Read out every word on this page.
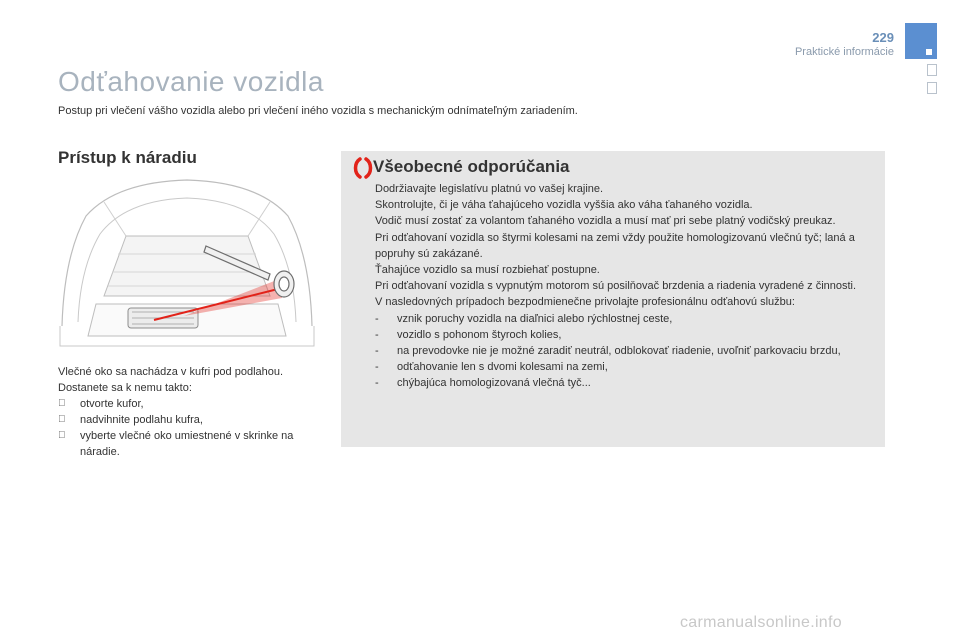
229
Praktické informácie
Odťahovanie vozidla
Postup pri vlečení vášho vozidla alebo pri vlečení iného vozidla s mechanickým odnímateľným zariadením.
Prístup k náradiu
Vlečné oko sa nachádza v kufri pod podlahou.
Dostanete sa k nemu takto:
otvorte kufor,
nadvihnite podlahu kufra,
vyberte vlečné oko umiestnené v skrinke na náradie.
Všeobecné odporúčania

Dodržiavajte legislatívu platnú vo vašej krajine.

Skontrolujte, či je váha ťahajúceho vozidla vyššia ako váha ťahaného vozidla.

Vodič musí zostať za volantom ťahaného vozidla a musí mať pri sebe platný vodičský preukaz.

Pri odťahovaní vozidla so štyrmi kolesami na zemi vždy použite homologizovanú vlečnú tyč; laná a popruhy sú zakázané.

Ťahajúce vozidlo sa musí rozbiehať postupne.

Pri odťahovaní vozidla s vypnutým motorom sú posilňovač brzdenia a riadenia vyradené z činnosti.

V nasledovných prípadoch bezpodmienečne privolajte profesionálnu odťahovú službu:

- vznik poruchy vozidla na diaľnici alebo rýchlostnej ceste,
- vozidlo s pohonom štyroch kolies,
- na prevodovke nie je možné zaradiť neutrál, odblokovať riadenie, uvoľniť parkovaciu brzdu,
- odťahovanie len s dvomi kolesami na zemi,
- chýbajúca homologizovaná vlečná tyč...
carmanualsonline.info
